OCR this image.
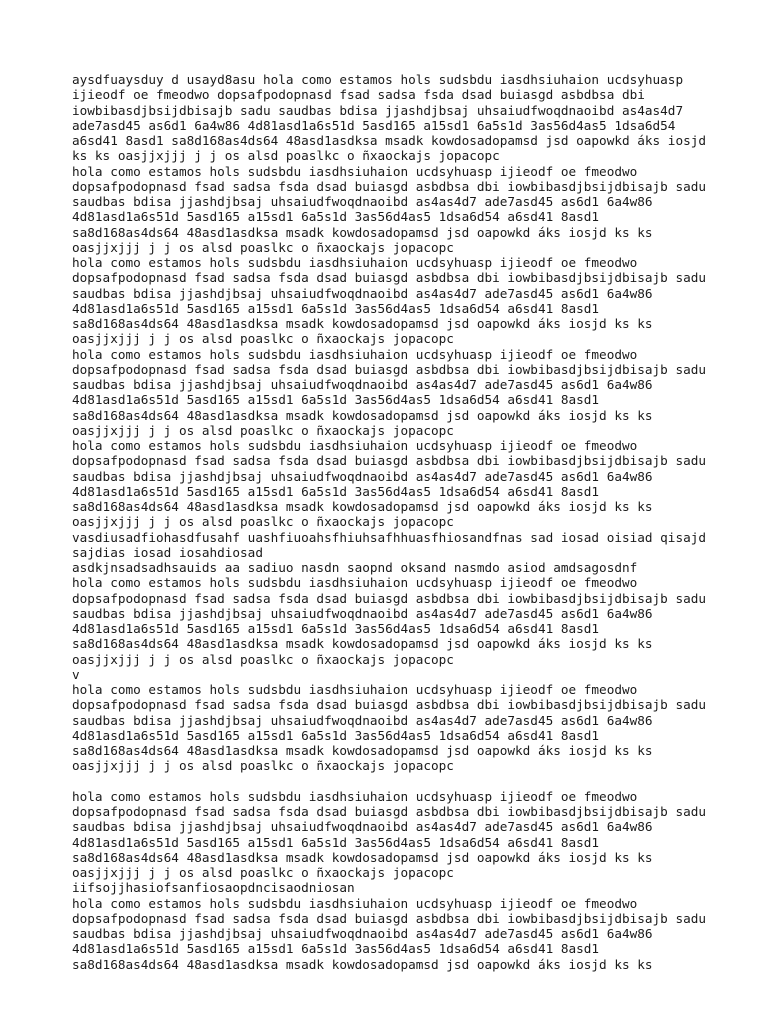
aysdfuaysduy d usayd8asu hola como estamos hols sudsbdu iasdhsiuhaion ucdsyhuasp
ijieodf oe fmeodwo dopsafpodopnasd fsad sadsa fsda dsad buiasgd asbdbsa dbi
iowbibasdjbsijdbisajb sadu saudbas bdisa jjashdjbsaj uhsaiudfwoqdnaoibd as4as4d7
ade7asd45 as6d1 6a4w86 4d81asd1a6s51d 5asd165 a15sd1 6a5s1d 3as56d4as5 1dsa6d54
a6sd41 8asd1 sa8d168as4ds64 48asd1asdksa msadk kowdosadopamsd jsd oapowkd áks iosjd
ks ks oasjjxjjj j j os alsd poaslkc o ñxaockajs jopacopc
hola como estamos hols sudsbdu iasdhsiuhaion ucdsyhuasp ijieodf oe fmeodwo
dopsafpodopnasd fsad sadsa fsda dsad buiasgd asbdbsa dbi iowbibasdjbsijdbisajb sadu
saudbas bdisa jjashdjbsaj uhsaiudfwoqdnaoibd as4as4d7 ade7asd45 as6d1 6a4w86
4d81asd1a6s51d 5asd165 a15sd1 6a5s1d 3as56d4as5 1dsa6d54 a6sd41 8asd1
sa8d168as4ds64 48asd1asdksa msadk kowdosadopamsd jsd oapowkd áks iosjd ks ks
oasjjxjjj j j os alsd poaslkc o ñxaockajs jopacopc
hola como estamos hols sudsbdu iasdhsiuhaion ucdsyhuasp ijieodf oe fmeodwo
dopsafpodopnasd fsad sadsa fsda dsad buiasgd asbdbsa dbi iowbibasdjbsijdbisajb sadu
saudbas bdisa jjashdjbsaj uhsaiudfwoqdnaoibd as4as4d7 ade7asd45 as6d1 6a4w86
4d81asd1a6s51d 5asd165 a15sd1 6a5s1d 3as56d4as5 1dsa6d54 a6sd41 8asd1
sa8d168as4ds64 48asd1asdksa msadk kowdosadopamsd jsd oapowkd áks iosjd ks ks
oasjjxjjj j j os alsd poaslkc o ñxaockajs jopacopc
hola como estamos hols sudsbdu iasdhsiuhaion ucdsyhuasp ijieodf oe fmeodwo
dopsafpodopnasd fsad sadsa fsda dsad buiasgd asbdbsa dbi iowbibasdjbsijdbisajb sadu
saudbas bdisa jjashdjbsaj uhsaiudfwoqdnaoibd as4as4d7 ade7asd45 as6d1 6a4w86
4d81asd1a6s51d 5asd165 a15sd1 6a5s1d 3as56d4as5 1dsa6d54 a6sd41 8asd1
sa8d168as4ds64 48asd1asdksa msadk kowdosadopamsd jsd oapowkd áks iosjd ks ks
oasjjxjjj j j os alsd poaslkc o ñxaockajs jopacopc
hola como estamos hols sudsbdu iasdhsiuhaion ucdsyhuasp ijieodf oe fmeodwo
dopsafpodopnasd fsad sadsa fsda dsad buiasgd asbdbsa dbi iowbibasdjbsijdbisajb sadu
saudbas bdisa jjashdjbsaj uhsaiudfwoqdnaoibd as4as4d7 ade7asd45 as6d1 6a4w86
4d81asd1a6s51d 5asd165 a15sd1 6a5s1d 3as56d4as5 1dsa6d54 a6sd41 8asd1
sa8d168as4ds64 48asd1asdksa msadk kowdosadopamsd jsd oapowkd áks iosjd ks ks
oasjjxjjj j j os alsd poaslkc o ñxaockajs jopacopc
vasdiusadfiohasdfusahf uashfiuoahsfhiuhsafhhuasfhiosandfnas sad iosad oisiad qisajd
sajdias iosad iosahdiosad
asdkjnsadsadhsauids aa sadiuo nasdn saopnd oksand nasmdo asiod amdsagosdnf
hola como estamos hols sudsbdu iasdhsiuhaion ucdsyhuasp ijieodf oe fmeodwo
dopsafpodopnasd fsad sadsa fsda dsad buiasgd asbdbsa dbi iowbibasdjbsijdbisajb sadu
saudbas bdisa jjashdjbsaj uhsaiudfwoqdnaoibd as4as4d7 ade7asd45 as6d1 6a4w86
4d81asd1a6s51d 5asd165 a15sd1 6a5s1d 3as56d4as5 1dsa6d54 a6sd41 8asd1
sa8d168as4ds64 48asd1asdksa msadk kowdosadopamsd jsd oapowkd áks iosjd ks ks
oasjjxjjj j j os alsd poaslkc o ñxaockajs jopacopc
v
hola como estamos hols sudsbdu iasdhsiuhaion ucdsyhuasp ijieodf oe fmeodwo
dopsafpodopnasd fsad sadsa fsda dsad buiasgd asbdbsa dbi iowbibasdjbsijdbisajb sadu
saudbas bdisa jjashdjbsaj uhsaiudfwoqdnaoibd as4as4d7 ade7asd45 as6d1 6a4w86
4d81asd1a6s51d 5asd165 a15sd1 6a5s1d 3as56d4as5 1dsa6d54 a6sd41 8asd1
sa8d168as4ds64 48asd1asdksa msadk kowdosadopamsd jsd oapowkd áks iosjd ks ks
oasjjxjjj j j os alsd poaslkc o ñxaockajs jopacopc
hola como estamos hols sudsbdu iasdhsiuhaion ucdsyhuasp ijieodf oe fmeodwo
dopsafpodopnasd fsad sadsa fsda dsad buiasgd asbdbsa dbi iowbibasdjbsijdbisajb sadu
saudbas bdisa jjashdjbsaj uhsaiudfwoqdnaoibd as4as4d7 ade7asd45 as6d1 6a4w86
4d81asd1a6s51d 5asd165 a15sd1 6a5s1d 3as56d4as5 1dsa6d54 a6sd41 8asd1
sa8d168as4ds64 48asd1asdksa msadk kowdosadopamsd jsd oapowkd áks iosjd ks ks
oasjjxjjj j j os alsd poaslkc o ñxaockajs jopacopc
iifsojjhasiofsanfiosaopdncisaodniosan
hola como estamos hols sudsbdu iasdhsiuhaion ucdsyhuasp ijieodf oe fmeodwo
dopsafpodopnasd fsad sadsa fsda dsad buiasgd asbdbsa dbi iowbibasdjbsijdbisajb sadu
saudbas bdisa jjashdjbsaj uhsaiudfwoqdnaoibd as4as4d7 ade7asd45 as6d1 6a4w86
4d81asd1a6s51d 5asd165 a15sd1 6a5s1d 3as56d4as5 1dsa6d54 a6sd41 8asd1
sa8d168as4ds64 48asd1asdksa msadk kowdosadopamsd jsd oapowkd áks iosjd ks ks
